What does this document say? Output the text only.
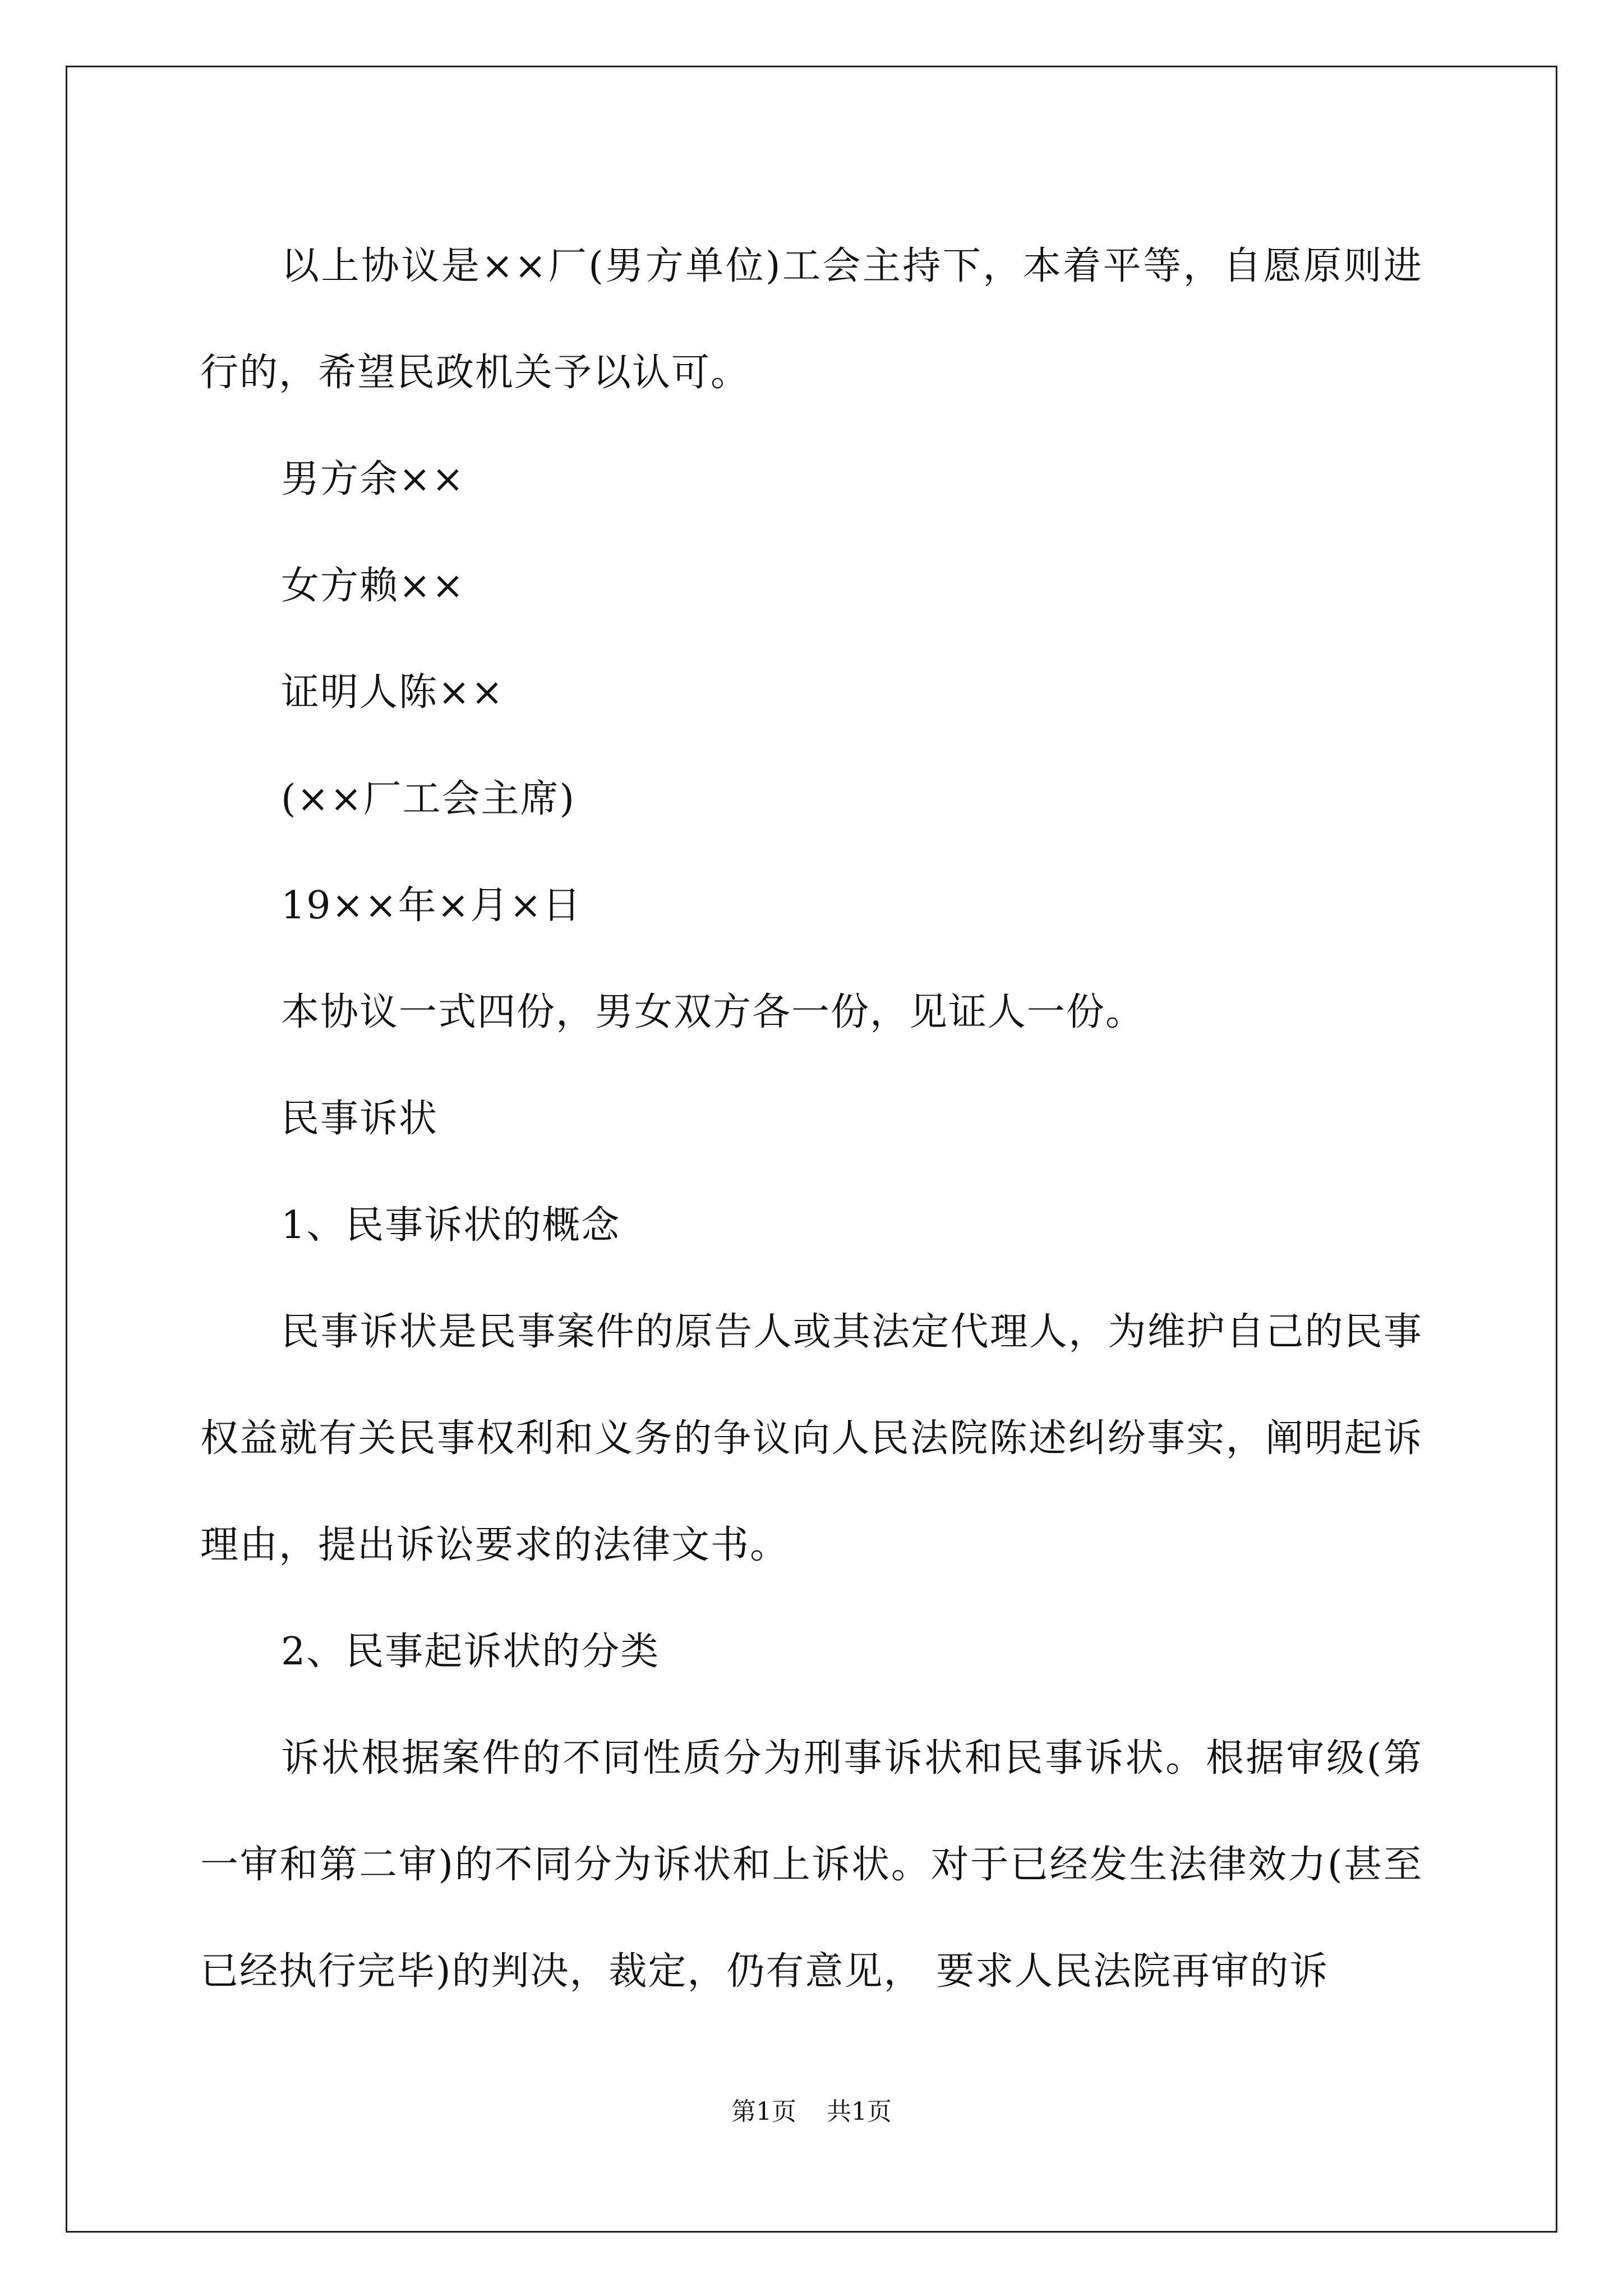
以上协议是××厂(男方单位)工会主持下，本着平等，自愿原则进行的，希望民政机关予以认可。

男方余××

女方赖××

证明人陈××

(××厂工会主席)

19××年×月×日

本协议一式四份，男女双方各一份，见证人一份。

民事诉状

1、民事诉状的概念

民事诉状是民事案件的原告人或其法定代理人，为维护自己的民事权益就有关民事权利和义务的争议向人民法院陈述纠纷事实，阐明起诉理由，提出诉讼要求的法律文书。

2、民事起诉状的分类

诉状根据案件的不同性质分为刑事诉状和民事诉状。根据审级(第一审和第二审)的不同分为诉状和上诉状。对于已经发生法律效力(甚至已经执行完毕)的判决，裁定，仍有意见， 要求人民法院再审的诉

第1页 共1页
